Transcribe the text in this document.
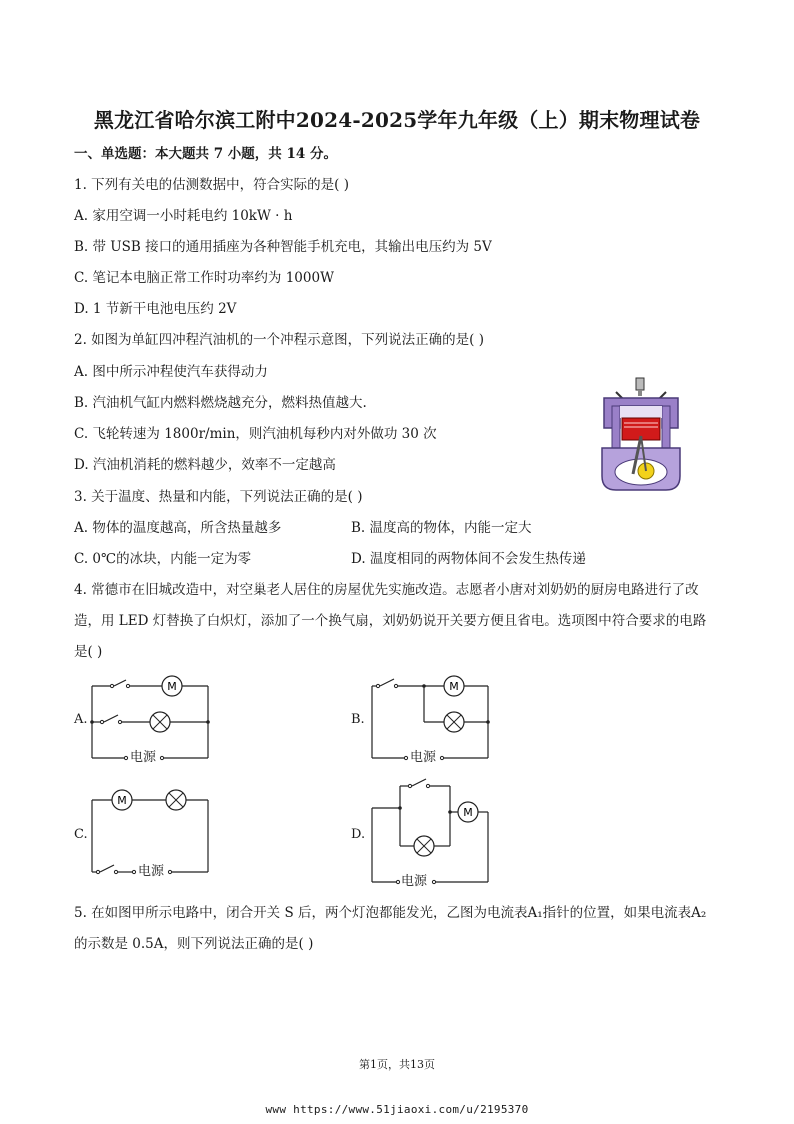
黑龙江省哈尔滨工附中2024-2025学年九年级（上）期末物理试卷
一、单选题：本大题共 7 小题，共 14 分。
1. 下列有关电的估测数据中，符合实际的是( )
A. 家用空调一小时耗电约 10kW · h
B. 带 USB 接口的通用插座为各种智能手机充电，其输出电压约为 5V
C. 笔记本电脑正常工作时功率约为 1000W
D. 1 节新干电池电压约 2V
2. 如图为单缸四冲程汽油机的一个冲程示意图，下列说法正确的是( )
A. 图中所示冲程使汽车获得动力
B. 汽油机气缸内燃料燃烧越充分，燃料热值越大.
C. 飞轮转速为 1800r/min，则汽油机每秒内对外做功 30 次
D. 汽油机消耗的燃料越少，效率不一定越高
3. 关于温度、热量和内能，下列说法正确的是( )
A. 物体的温度越高，所含热量越多	B. 温度高的物体，内能一定大
C. 0℃的冰块，内能一定为零	D. 温度相同的两物体间不会发生热传递
4. 常德市在旧城改造中，对空巢老人居住的房屋优先实施改造。志愿者小唐对刘奶奶的厨房电路进行了改
造，用 LED 灯替换了白炽灯，添加了一个换气扇，刘奶奶说开关要方便且省电。选项图中符合要求的电路
是( )
A.
M
电源
B.
M
电源
C.
M
电源
D.
M
电源
5. 在如图甲所示电路中，闭合开关 S 后，两个灯泡都能发光，乙图为电流表A₁指针的位置，如果电流表A₂
的示数是 0.5A，则下列说法正确的是( )
第1页，共13页
www https://www.51jiaoxi.com/u/2195370
